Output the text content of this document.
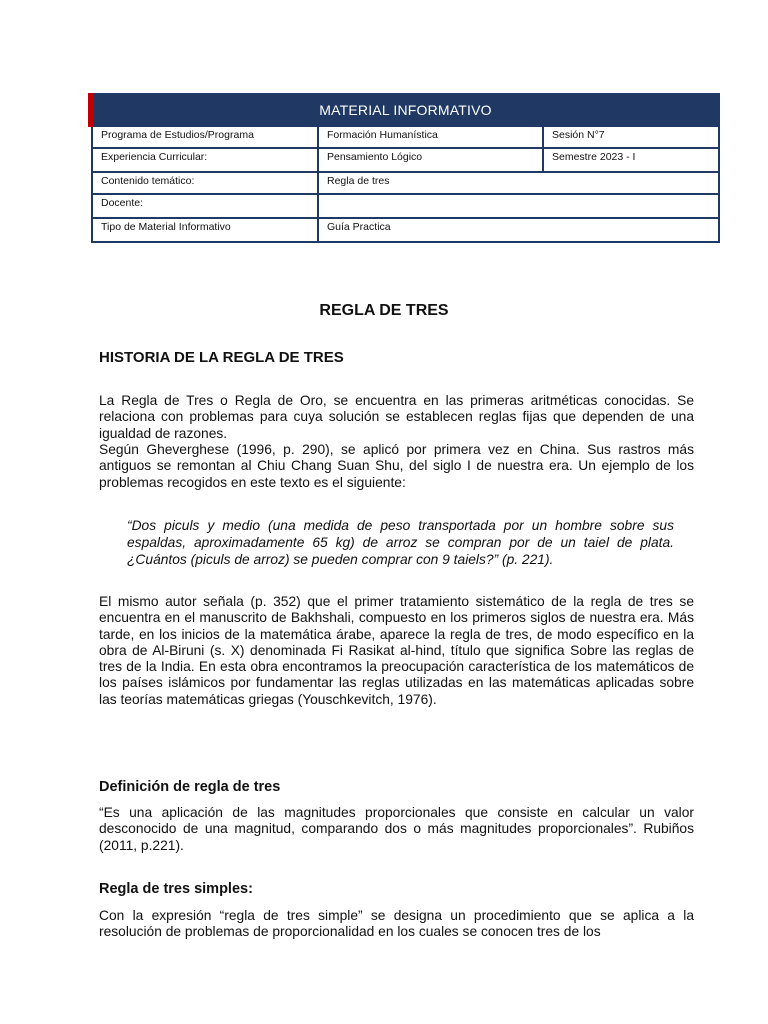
MATERIAL INFORMATIVO
Programa de Estudios/Programa	Formación Humanística	Sesión N°7
Experiencia Curricular:	Pensamiento Lógico	Semestre 2023 - I
Contenido temático:	Regla de tres
Docente:
Tipo de Material Informativo	Guía Practica
REGLA DE TRES
HISTORIA DE LA REGLA DE TRES
La Regla de Tres o Regla de Oro, se encuentra en las primeras aritméticas conocidas. Se relaciona con problemas para cuya solución se establecen reglas fijas que dependen de una igualdad de razones.
Según Gheverghese (1996, p. 290), se aplicó por primera vez en China. Sus rastros más antiguos se remontan al Chiu Chang Suan Shu, del siglo I de nuestra era. Un ejemplo de los problemas recogidos en este texto es el siguiente:
“Dos piculs y medio (una medida de peso transportada por un hombre sobre sus espaldas, aproximadamente 65 kg) de arroz se compran por de un taiel de plata. ¿Cuántos (piculs de arroz) se pueden comprar con 9 taiels?” (p. 221).
El mismo autor señala (p. 352) que el primer tratamiento sistemático de la regla de tres se encuentra en el manuscrito de Bakhshali, compuesto en los primeros siglos de nuestra era. Más tarde, en los inicios de la matemática árabe, aparece la regla de tres, de modo específico en la obra de Al-Biruni (s. X) denominada Fi Rasikat al-hind, título que significa Sobre las reglas de tres de la India. En esta obra encontramos la preocupación característica de los matemáticos de los países islámicos por fundamentar las reglas utilizadas en las matemáticas aplicadas sobre las teorías matemáticas griegas (Youschkevitch, 1976).
Definición de regla de tres
“Es una aplicación de las magnitudes proporcionales que consiste en calcular un valor desconocido de una magnitud, comparando dos o más magnitudes proporcionales”. Rubiños (2011, p.221).
Regla de tres simples:
Con la expresión “regla de tres simple” se designa un procedimiento que se aplica a la resolución de problemas de proporcionalidad en los cuales se conocen tres de los
